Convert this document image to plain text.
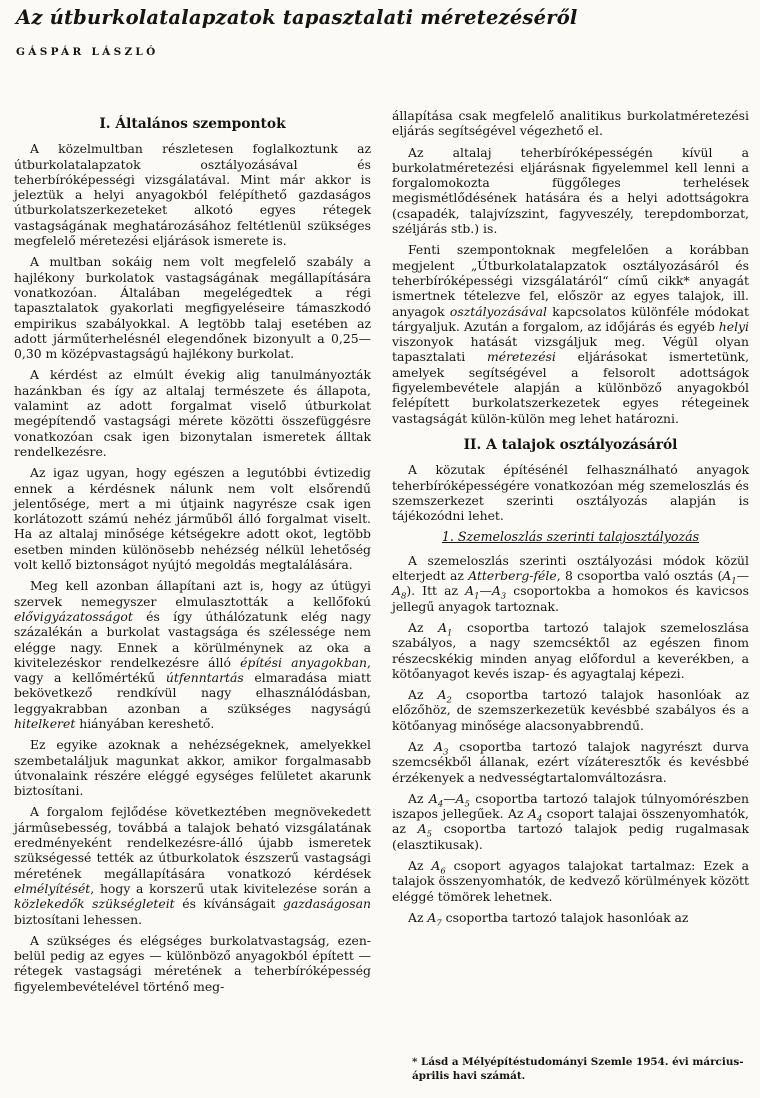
Az útburkolatalapzatok tapasztalati méretezéséről
GÁSPÁR LÁSZLÓ
I. Általános szempontok

A közelmultban részletesen foglalkoztunk az útburkolatalapzatok osztályozásával és teherbíróképességi vizsgálatával. Mint már akkor is jeleztük a helyi anyagokból felépíthető gazdaságos útburkolatszerkezeteket alkotó egyes rétegek vastagságának meghatározásához feltétlenül szükséges megfelelő méretezési eljárások ismerete is.

A multban sokáig nem volt megfelelő szabály a hajlékony burkolatok vastagságának megállapítására vonatkozóan. Általában megelégedtek a régi tapasztalatok gyakorlati megfigyeléseire támaszkodó empirikus szabályokkal. A legtöbb talaj esetében az adott járműterhelésnél elegendőnek bizonyult a 0,25—0,30 m középvastagságú hajlékony burkolat.

A kérdést az elmúlt évekig alig tanulmányozták hazánkban és így az altalaj természete és állapota, valamint az adott forgalmat viselő útburkolat megépítendő vastagsági mérete közötti összefüggésre vonatkozóan csak igen bizonytalan ismeretek álltak rendelkezésre.

Az igaz ugyan, hogy egészen a legutóbbi évtizedig ennek a kérdésnek nálunk nem volt elsőrendű jelentősége, mert a mi útjaink nagyrésze csak igen korlátozott számú nehéz járműből álló forgalmat viselt. Ha az altalaj minősége kétségekre adott okot, legtöbb esetben minden különösebb nehézség nélkül lehetőség volt kellő biztonságot nyújtó megoldás megtalálására.

Meg kell azonban állapítani azt is, hogy az útügyi szervek nemegyszer elmulasztották a kellőfokú elővigyázatosságot és így úthálózatunk elég nagy százalékán a burkolat vastagsága és szélessége nem elégge nagy. Ennek a körülménynek az oka a kivitelezéskor rendelkezésre álló építési anyagokban, vagy a kellőmértékű útfenntartás elmaradása miatt bekövetkező rendkívül nagy elhasználódásban, leggyakrabban azonban a szükséges nagyságú hitelkeret hiányában kereshető.

Ez egyike azoknak a nehézségeknek, amelyekkel szembetaláljuk magunkat akkor, amikor forgalmasabb útvonalaink részére eléggé egységes felületet akarunk biztosítani.

A forgalom fejlődése következtében megnövekedett jármûsebesség, továbbá a talajok beható vizsgálatának eredményeként rendelkezésre-álló újabb ismeretek szükségessé tették az útburkolatok észszerű vastagsági méretének megállapítására vonatkozó kérdések elmélyítését, hogy a korszerű utak kivitelezése során a közlekedők szükségleteit és kívánságait gazdaságosan biztosítani lehessen.

A szükséges és elégséges burkolatvastagság, ezen-belül pedig az egyes — különböző anyagokból épített — rétegek vastagsági méretének a teherbíróképesség figyelembevételével történő meg-

állapítása csak megfelelő analitikus burkolatméretezési eljárás segítségével végezhető el.

Az altalaj teherbíróképességén kívül a burkolatméretezési eljárásnak figyelemmel kell lenni a forgalomokozta függőleges terhelések megismétlődésének hatására és a helyi adottságokra (csapadék, talajvízszint, fagyveszély, terepdomborzat, széljárás stb.) is.

Fenti szempontoknak megfelelően a korábban megjelent „Útburkolatalapzatok osztályozásáról és teherbíróképességi vizsgálatáról“ című cikk* anyagát ismertnek tételezve fel, először az egyes talajok, ill. anyagok osztályozásával kapcsolatos különféle módokat tárgyaljuk. Azután a forgalom, az időjárás és egyéb helyi viszonyok hatását vizsgáljuk meg. Végül olyan tapasztalati méretezési eljárásokat ismertetünk, amelyek segítségével a felsorolt adottságok figyelembevétele alapján a különböző anyagokból felépített burkolatszerkezetek egyes rétegeinek vastagságát külön-külön meg lehet határozni.

II. A talajok osztályozásáról

A közutak építésénél felhasználható anyagok teherbíróképességére vonatkozóan még szemeloszlás és szemszerkezet szerinti osztályozás alapján is tájékozódni lehet.

1. Szemeloszlás szerinti talajosztályozás

A szemeloszlás szerinti osztályozási módok közül elterjedt az Atterberg-féle, 8 csoportba való osztás $(A_1—A_8)$. Itt az $A_1—A_3$ csoportokba a homokos és kavicsos jellegű anyagok tartoznak.

Az $A_1$ csoportba tartozó talajok szemeloszlása szabályos, a nagy szemcséktől az egészen finom részecskékig minden anyag előfordul a keverékben, a kötőanyagot kevés iszap- és agyagtalaj képezi.

Az $A_2$ csoportba tartozó talajok hasonlóak az előzőhöz, de szemszerkezetük kevésbbé szabályos és a kötőanyag minősége alacsonyabbrendű.

Az $A_3$ csoportba tartozó talajok nagyrészt durva szemcsékből állanak, ezért vízáteresztők és kevésbbé érzékenyek a nedvességtartalomváltozásra.

Az $A_4—A_5$ csoportba tartozó talajok túlnyomórészben iszapos jellegűek. Az $A_4$ csoport talajai összenyomhatók, az $A_5$ csoportba tartozó talajok pedig rugalmasak (elasztikusak).

Az $A_6$ csoport agyagos talajokat tartalmaz: Ezek a talajok összenyomhatók, de kedvező körülmények között eléggé tömörek lehetnek.

Az $A_7$ csoportba tartozó talajok hasonlóak az

* Lásd a Mélyépítéstudományi Szemle 1954. évi március-április havi számát.
